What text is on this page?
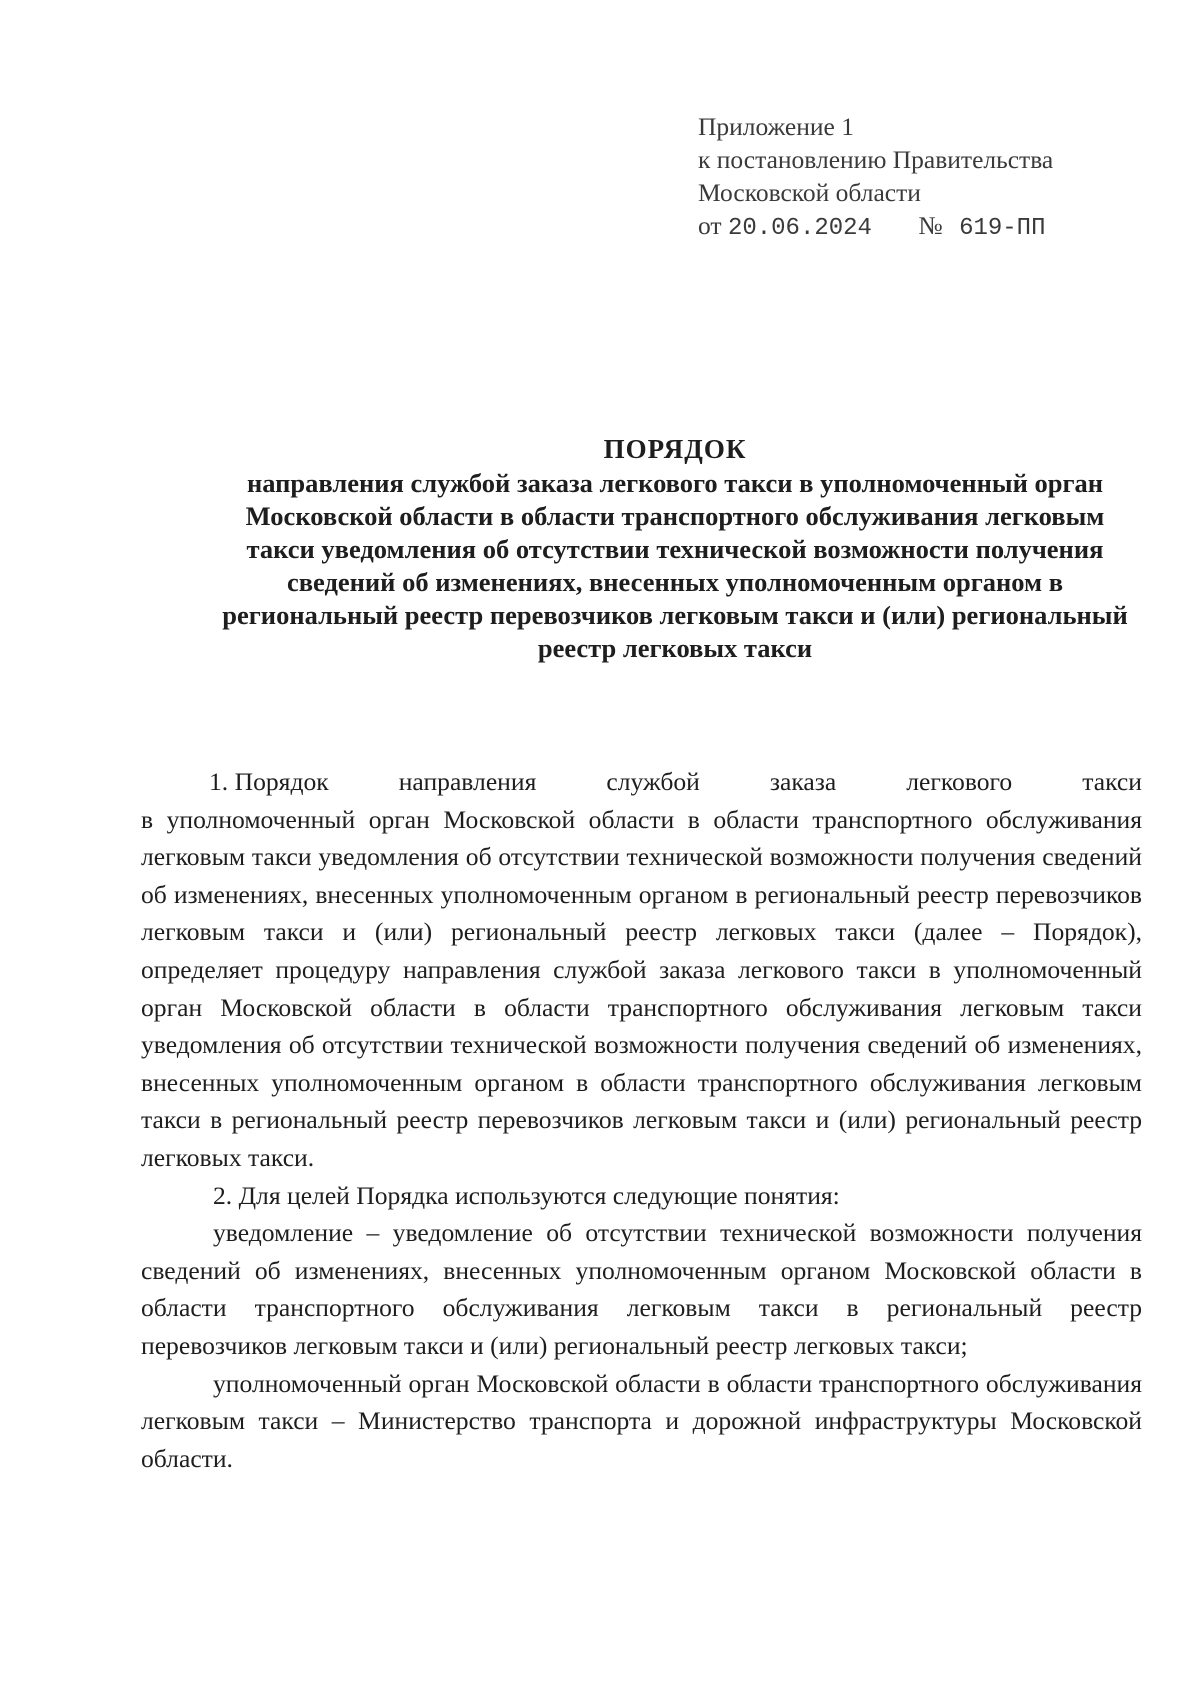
Приложение 1
к постановлению Правительства
Московской области
от 20.06.2024 № 619-ПП
ПОРЯДОК
направления службой заказа легкового такси в уполномоченный орган Московской области в области транспортного обслуживания легковым такси уведомления об отсутствии технической возможности получения сведений об изменениях, внесенных уполномоченным органом в региональный реестр перевозчиков легковым такси и (или) региональный реестр легковых такси
1. Порядок	направления	службой	заказа	легкового	такси

в уполномоченный орган Московской области в области транспортного обслуживания легковым такси уведомления об отсутствии технической возможности получения сведений об изменениях, внесенных уполномоченным органом в региональный реестр перевозчиков легковым такси и (или) региональный реестр легковых такси (далее – Порядок), определяет процедуру направления службой заказа легкового такси в уполномоченный орган Московской области в области транспортного обслуживания легковым такси уведомления об отсутствии технической возможности получения сведений об изменениях, внесенных уполномоченным органом в области транспортного обслуживания легковым такси в региональный реестр перевозчиков легковым такси и (или) региональный реестр легковых такси.

2. Для целей Порядка используются следующие понятия:

уведомление – уведомление об отсутствии технической возможности получения сведений об изменениях, внесенных уполномоченным органом Московской области в области транспортного обслуживания легковым такси в региональный реестр перевозчиков легковым такси и (или) региональный реестр легковых такси;

уполномоченный орган Московской области в области транспортного обслуживания легковым такси – Министерство транспорта и дорожной инфраструктуры Московской области.
